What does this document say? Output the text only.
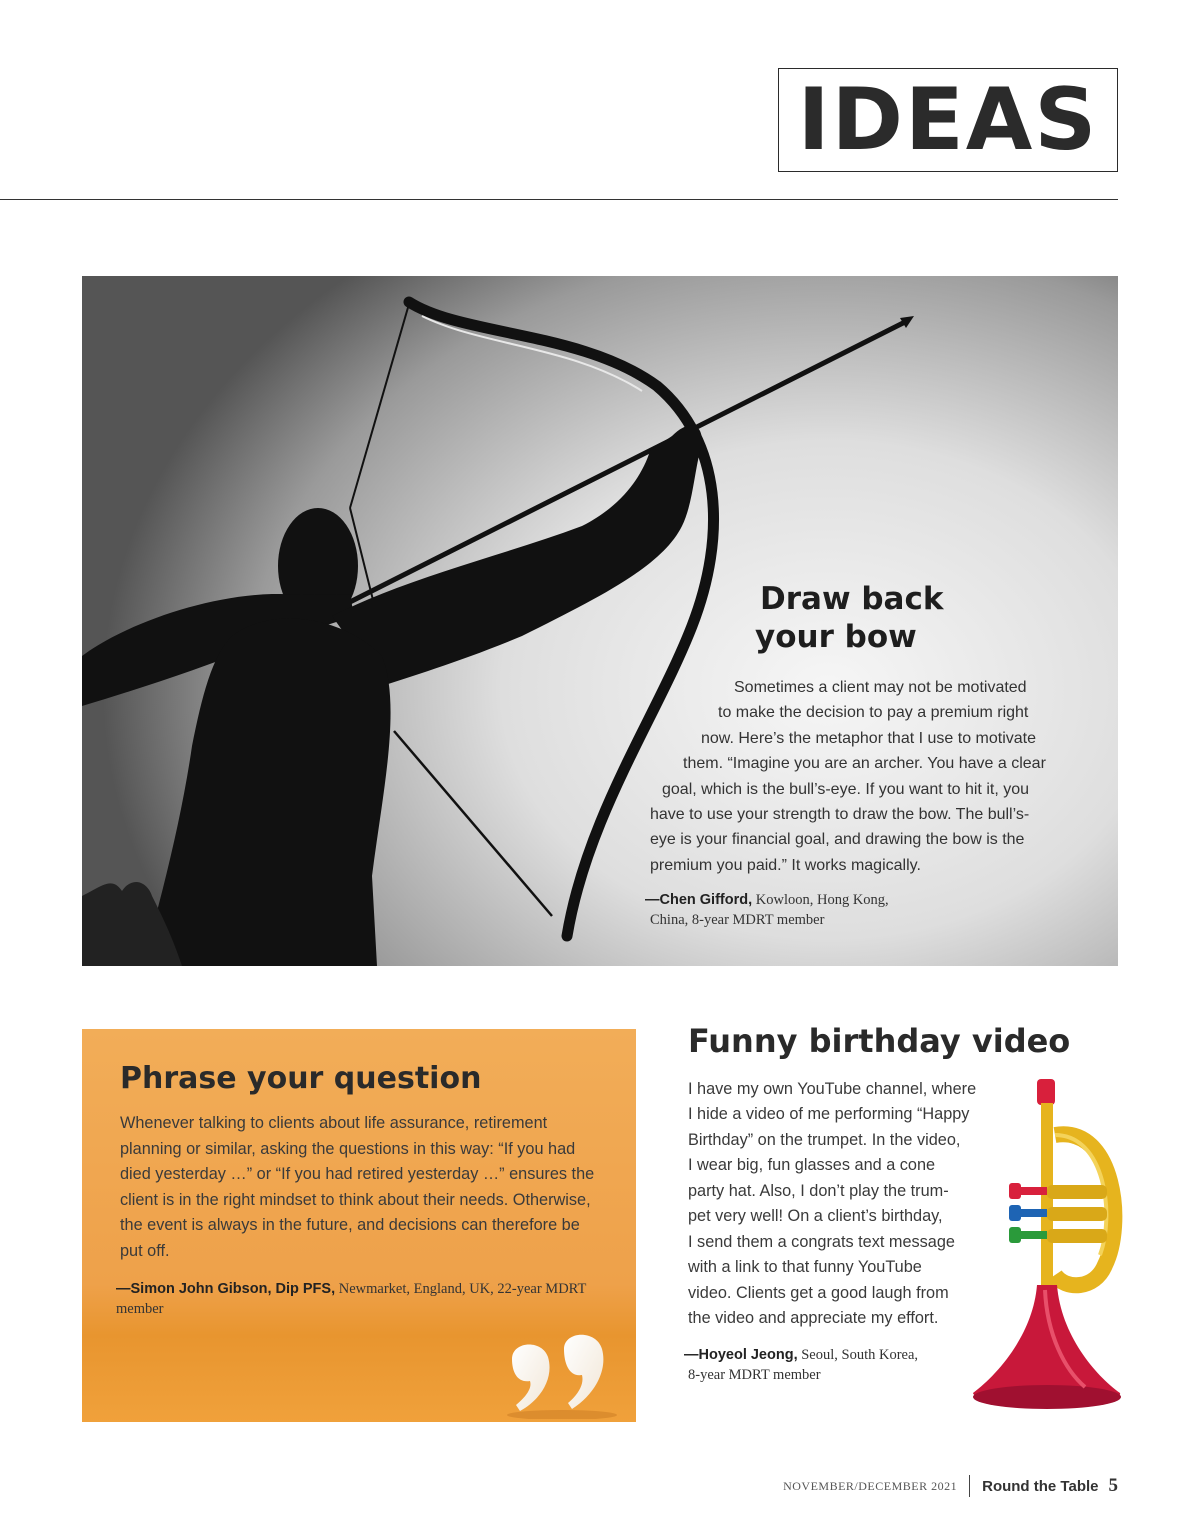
IDEAS
Draw back
your bow
Sometimes a client may not be motivated
to make the decision to pay a premium right
now. Here’s the metaphor that I use to motivate
them. “Imagine you are an archer. You have a clear
goal, which is the bull’s-eye. If you want to hit it, you
have to use your strength to draw the bow. The bull’s-
eye is your financial goal, and drawing the bow is the
premium you paid.” It works magically.
—Chen Gifford, Kowloon, Hong Kong,
China, 8-year MDRT member
Phrase your question
Whenever talking to clients about life assurance, retirement planning or similar, asking the questions in this way: “If you had died yesterday …” or “If you had retired yesterday …” ensures the client is in the right mindset to think about their needs. Otherwise, the event is always in the future, and decisions can therefore be put off.
—Simon John Gibson, Dip PFS, Newmarket, England, UK, 22-year MDRT member
Funny birthday video
I have my own YouTube channel, where
I hide a video of me performing “Happy
Birthday” on the trumpet. In the video,
I wear big, fun glasses and a cone
party hat. Also, I don’t play the trum-
pet very well! On a client’s birthday,
I send them a congrats text message
with a link to that funny YouTube
video. Clients get a good laugh from
the video and appreciate my effort.
—Hoyeol Jeong, Seoul, South Korea,
8-year MDRT member
NOVEMBER/DECEMBER 2021 Round the Table 5
